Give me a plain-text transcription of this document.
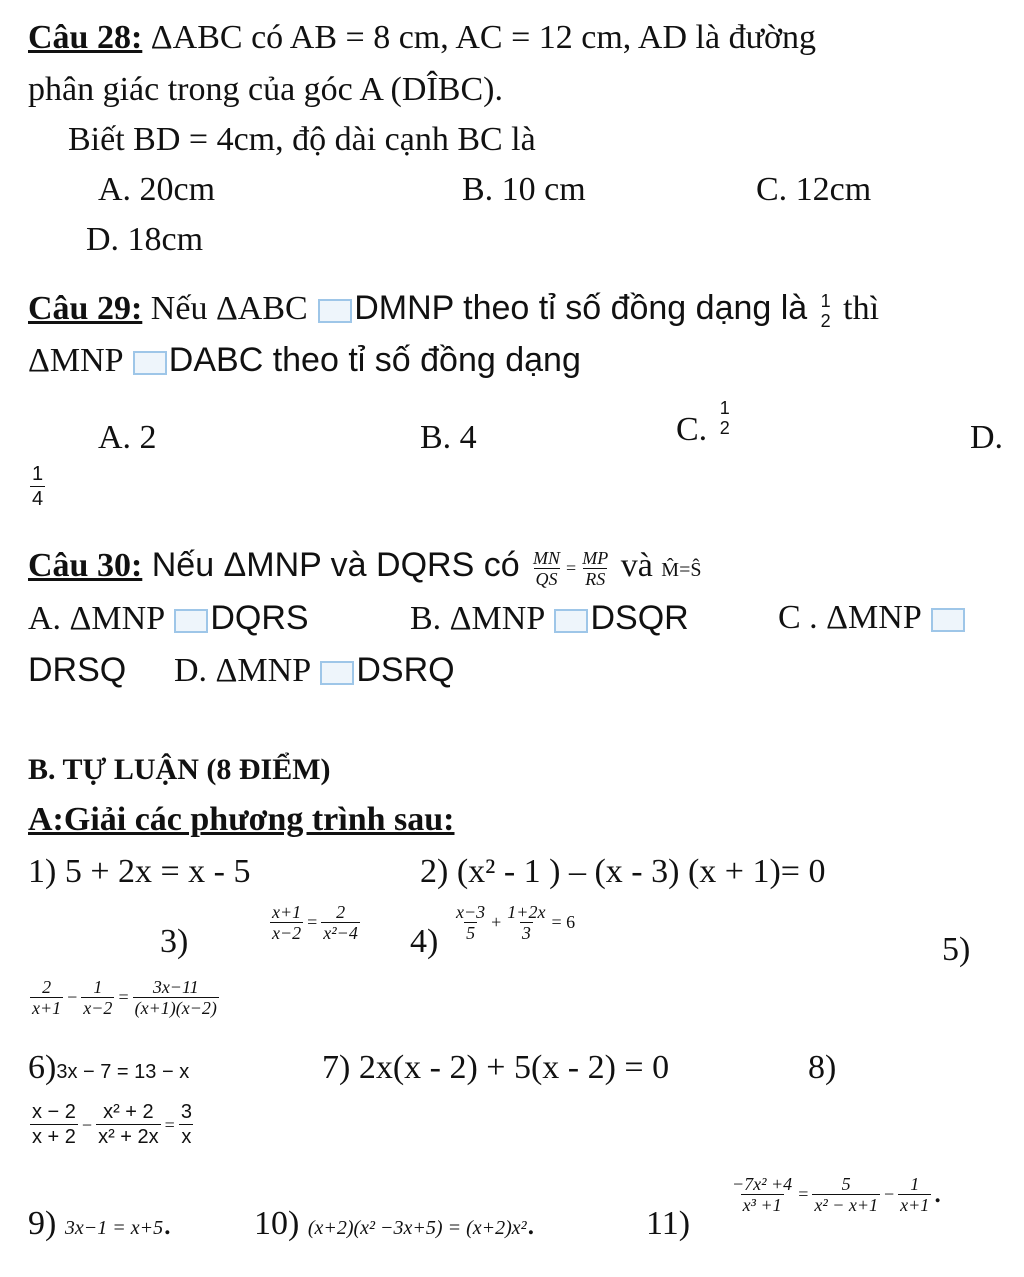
Câu 28: ΔABC có AB = 8 cm, AC = 12 cm, AD là đường
phân giác trong của góc A (DÎBC).
Biết BD = 4cm, độ dài cạnh BC là
A. 20cm	B. 10 cm	C. 12cm
D. 18cm
Câu 29: Nếu ΔABC DMNP theo tỉ số đồng dạng là 1
2 thì
ΔMNP DABC theo tỉ số đồng dạng
A. 2	B. 4	C.
1
2	D.
$\frac{1}{4}$
Câu 30: Nếu ΔMNP và DQRS có $\frac{MN}{QS} = \frac{MP}{RS}$ và M̂=Ŝ
A. ΔMNP DQRS	B. ΔMNP DSQR	C . ΔMNP
DRSQ D. ΔMNP DSRQ
B. TỰ LUẬN (8 ĐIỂM)
A:Giải các phương trình sau:
1) 5 + 2x = x - 5	2) (x² - 1 ) – (x - 3) (x + 1)= 0
3)	$\frac{x+1}{x-2} = \frac{2}{\text{x²−4}} 4) \frac{x-3}{5} + \frac{1+2x}{3} = 6$
5)
$\frac{2}{x+1} - \frac{1}{x-2} = \frac{3x-11}{(x+1)(x-2)}$
6)3x − 7 = 13 − x	7) 2x(x - 2) + 5(x - 2) = 0	8)
$\frac{x - 2}{x + 2} - \frac{\text{x² + 2}}{\text{x² + 2x}} = \frac{3}{x}$
9) 3x−1 = x+5. 10) (x+2)(x² −3x+5) = (x+2)x².	11)
$\frac{\text{−7x² +4}}{\text{x³ +1}} = \frac{5}{\text{x² − x+1}} - \frac{1}{x+1}$ .
